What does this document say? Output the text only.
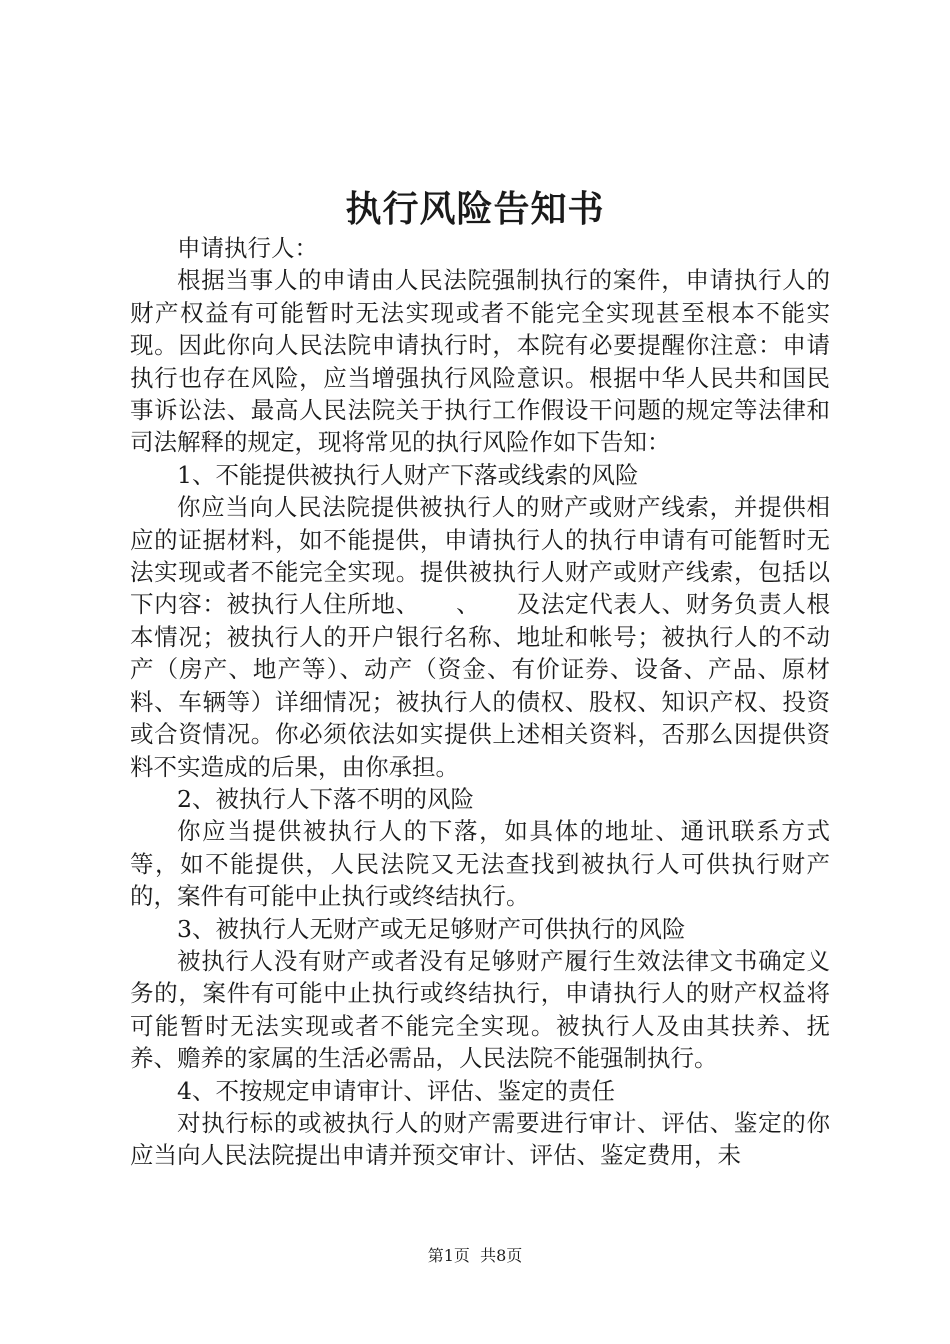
执行风险告知书

申请执行人：

根据当事人的申请由人民法院强制执行的案件，申请执行人的财产权益有可能暂时无法实现或者不能完全实现甚至根本不能实现。因此你向人民法院申请执行时，本院有必要提醒你注意：申请执行也存在风险，应当增强执行风险意识。根据中华人民共和国民事诉讼法、最高人民法院关于执行工作假设干问题的规定等法律和司法解释的规定，现将常见的执行风险作如下告知：

1、不能提供被执行人财产下落或线索的风险

你应当向人民法院提供被执行人的财产或财产线索，并提供相应的证据材料，如不能提供，申请执行人的执行申请有可能暂时无法实现或者不能完全实现。提供被执行人财产或财产线索，包括以下内容：被执行人住所地、　　、　　及法定代表人、财务负责人根本情况；被执行人的开户银行名称、地址和帐号；被执行人的不动产（房产、地产等）、动产（资金、有价证券、设备、产品、原材料、车辆等）详细情况；被执行人的债权、股权、知识产权、投资或合资情况。你必须依法如实提供上述相关资料，否那么因提供资料不实造成的后果，由你承担。

2、被执行人下落不明的风险

你应当提供被执行人的下落，如具体的地址、通讯联系方式等，如不能提供，人民法院又无法查找到被执行人可供执行财产的，案件有可能中止执行或终结执行。

3、被执行人无财产或无足够财产可供执行的风险

被执行人没有财产或者没有足够财产履行生效法律文书确定义务的，案件有可能中止执行或终结执行，申请执行人的财产权益将可能暂时无法实现或者不能完全实现。被执行人及由其扶养、抚养、赡养的家属的生活必需品，人民法院不能强制执行。

4、不按规定申请审计、评估、鉴定的责任

对执行标的或被执行人的财产需要进行审计、评估、鉴定的你应当向人民法院提出申请并预交审计、评估、鉴定费用，未

第1页  共8页
